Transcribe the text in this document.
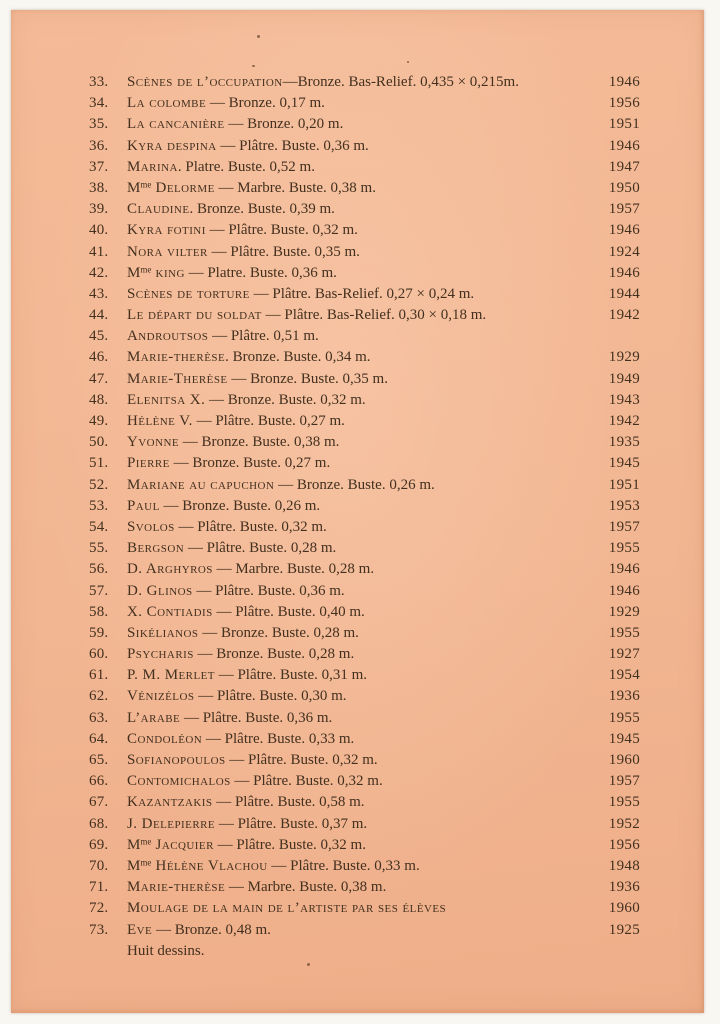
33.	Scènes de l’occupation—Bronze. Bas-Relief. 0,435 × 0,215m.	1946
34.	La colombe — Bronze. 0,17 m.	1956
35.	La cancanière — Bronze. 0,20 m.	1951
36.	Kyra despina — Plâtre. Buste. 0,36 m.	1946
37.	Marina. Platre. Buste. 0,52 m.	1947
38.	$M^{me}$ Delorme — Marbre. Buste. 0,38 m.	1950
39.	Claudine. Bronze. Buste. 0,39 m.	1957
40.	Kyra fotini — Plâtre. Buste. 0,32 m.	1946
41.	Nora vilter — Plâtre. Buste. 0,35 m.	1924
42.	$M^{me}$ king — Platre. Buste. 0,36 m.	1946
43.	Scènes de torture — Plâtre. Bas-Relief. 0,27 × 0,24 m.	1944
44.	Le départ du soldat — Plâtre. Bas-Relief. 0,30 × 0,18 m.	1942
45.	Androutsos — Plâtre. 0,51 m.
46.	Marie-therèse. Bronze. Buste. 0,34 m.	1929
47.	Marie-Therèse — Bronze. Buste. 0,35 m.	1949
48.	Elenitsa X. — Bronze. Buste. 0,32 m.	1943
49.	Hélène V. — Plâtre. Buste. 0,27 m.	1942
50.	Yvonne — Bronze. Buste. 0,38 m.	1935
51.	Pierre — Bronze. Buste. 0,27 m.	1945
52.	Mariane au capuchon — Bronze. Buste. 0,26 m.	1951
53.	Paul — Bronze. Buste. 0,26 m.	1953
54.	Svolos — Plâtre. Buste. 0,32 m.	1957
55.	Bergson — Plâtre. Buste. 0,28 m.	1955
56.	D. Arghyros — Marbre. Buste. 0,28 m.	1946
57.	D. Glinos — Plâtre. Buste. 0,36 m.	1946
58.	X. Contiadis — Plâtre. Buste. 0,40 m.	1929
59.	Sikélianos — Bronze. Buste. 0,28 m.	1955
60.	Psycharis — Bronze. Buste. 0,28 m.	1927
61.	P. M. Merlet — Plâtre. Buste. 0,31 m.	1954
62.	Vénizélos — Plâtre. Buste. 0,30 m.	1936
63.	L’arabe — Plâtre. Buste. 0,36 m.	1955
64.	Condoléon — Plâtre. Buste. 0,33 m.	1945
65.	Sofianopoulos — Plâtre. Buste. 0,32 m.	1960
66.	Contomichalos — Plâtre. Buste. 0,32 m.	1957
67.	Kazantzakis — Plâtre. Buste. 0,58 m.	1955
68.	J. Delepierre — Plâtre. Buste. 0,37 m.	1952
69.	$M^{me}$ Jacquier — Plâtre. Buste. 0,32 m.	1956
70.	$M^{me}$ Hélène Vlachou — Plâtre. Buste. 0,33 m.	1948
71.	Marie-therèse — Marbre. Buste. 0,38 m.	1936
72.	Moulage de la main de l’artiste par ses élèves	1960
73.	Eve — Bronze. 0,48 m.	1925
Huit dessins.
